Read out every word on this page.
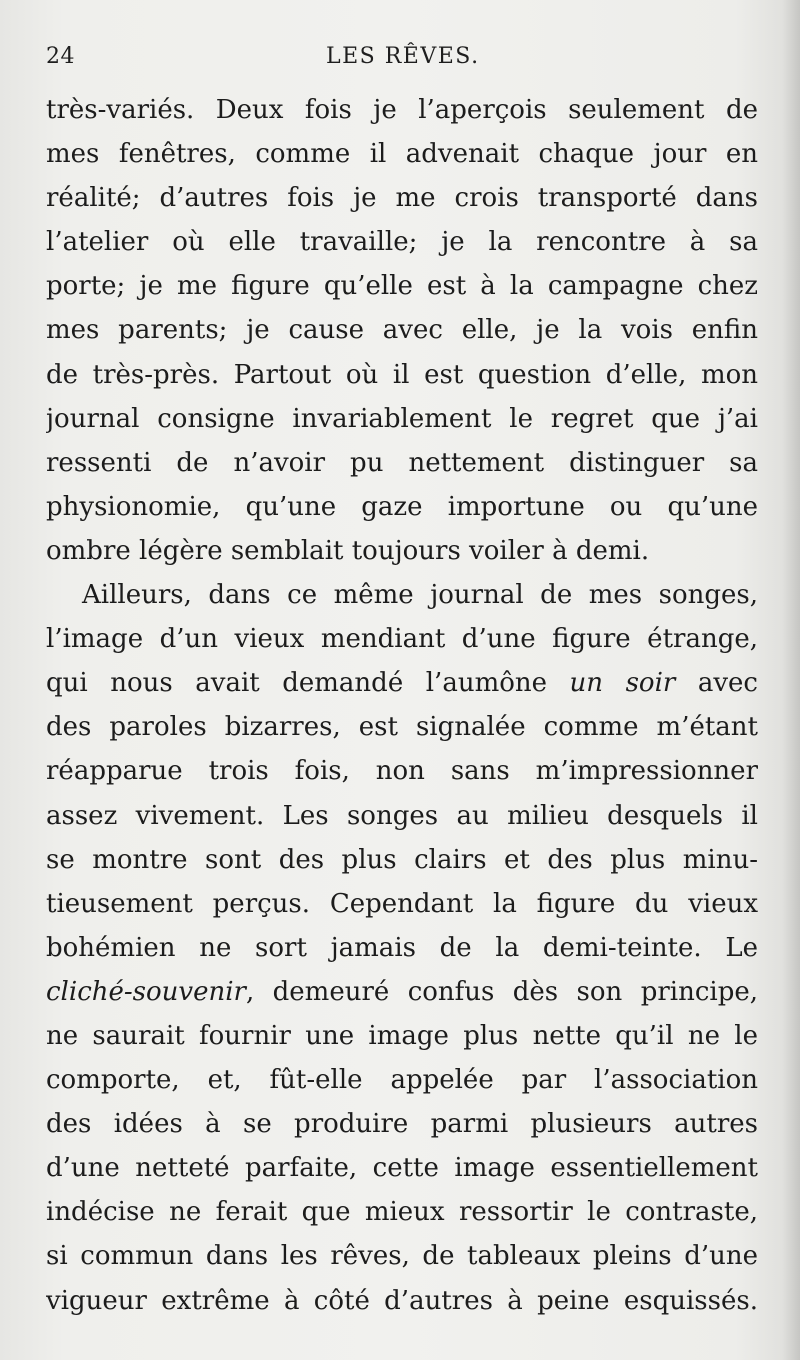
24	LES RÊVES.
très-variés. Deux fois je l’aperçois seulement de
mes fenêtres, comme il advenait chaque jour en
réalité; d’autres fois je me crois transporté dans
l’atelier où elle travaille; je la rencontre à sa
porte; je me figure qu’elle est à la campagne chez
mes parents; je cause avec elle, je la vois enfin
de très-près. Partout où il est question d’elle, mon
journal consigne invariablement le regret que j’ai
ressenti de n’avoir pu nettement distinguer sa
physionomie, qu’une gaze importune ou qu’une
ombre légère semblait toujours voiler à demi.
Ailleurs, dans ce même journal de mes songes,
l’image d’un vieux mendiant d’une figure étrange,
qui nous avait demandé l’aumône un soir avec
des paroles bizarres, est signalée comme m’étant
réapparue trois fois, non sans m’impressionner
assez vivement. Les songes au milieu desquels il
se montre sont des plus clairs et des plus minu-
tieusement perçus. Cependant la figure du vieux
bohémien ne sort jamais de la demi-teinte. Le
cliché-souvenir, demeuré confus dès son principe,
ne saurait fournir une image plus nette qu’il ne le
comporte, et, fût-elle appelée par l’association
des idées à se produire parmi plusieurs autres
d’une netteté parfaite, cette image essentiellement
indécise ne ferait que mieux ressortir le contraste,
si commun dans les rêves, de tableaux pleins d’une
vigueur extrême à côté d’autres à peine esquissés.
